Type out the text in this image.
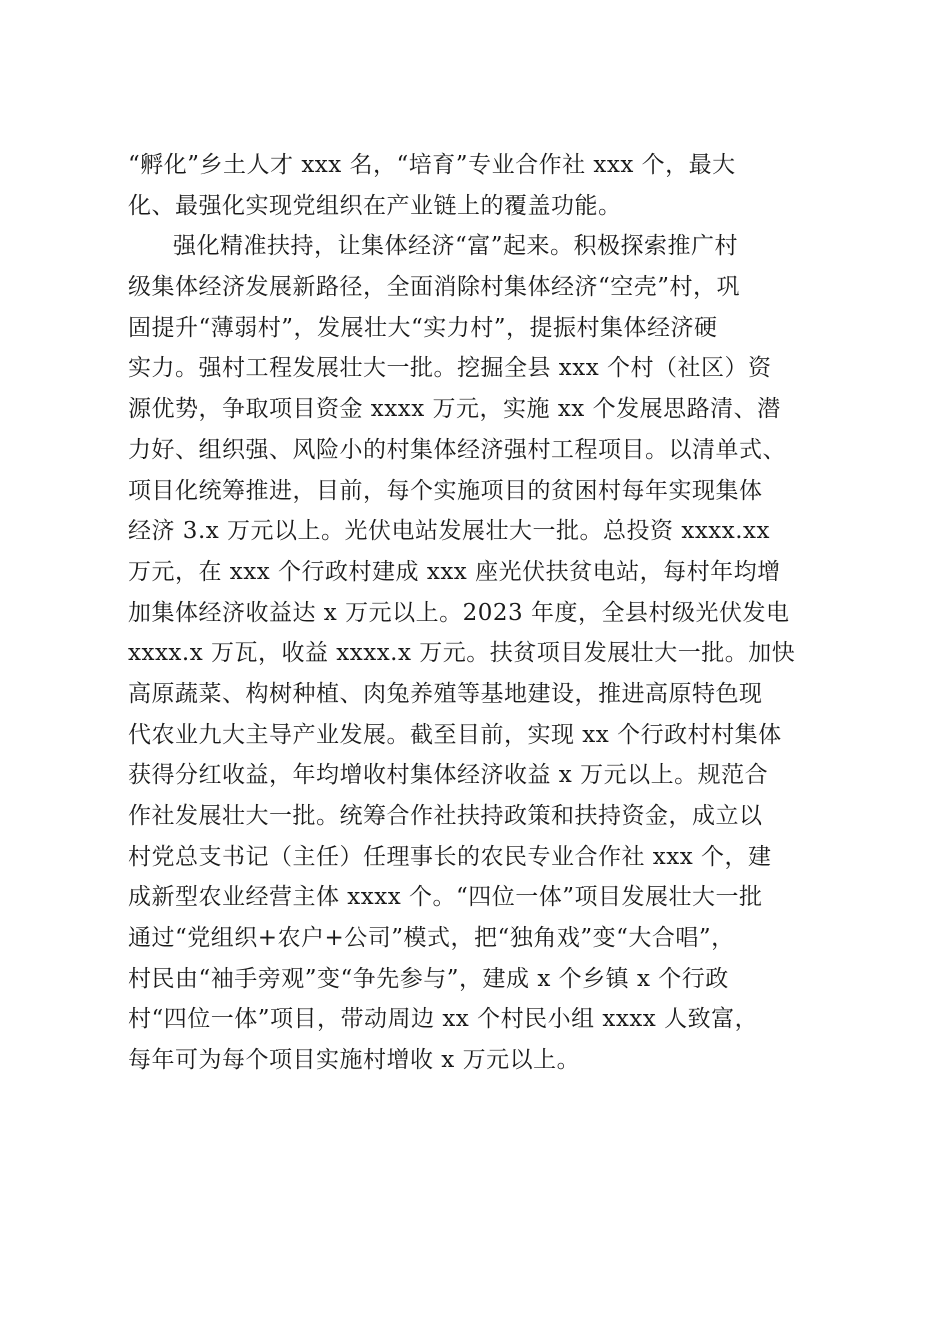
“孵化”乡土人才 xxx 名，“培育”专业合作社 xxx 个，最大
化、最强化实现党组织在产业链上的覆盖功能。
强化精准扶持，让集体经济“富”起来。积极探索推广村
级集体经济发展新路径，全面消除村集体经济“空壳”村，巩
固提升“薄弱村”，发展壮大“实力村”，提振村集体经济硬
实力。强村工程发展壮大一批。挖掘全县 xxx 个村（社区）资
源优势，争取项目资金 xxxx 万元，实施 xx 个发展思路清、潜
力好、组织强、风险小的村集体经济强村工程项目。以清单式、
项目化统筹推进，目前，每个实施项目的贫困村每年实现集体
经济 3.x 万元以上。光伏电站发展壮大一批。总投资 xxxx.xx
万元，在 xxx 个行政村建成 xxx 座光伏扶贫电站，每村年均增
加集体经济收益达 x 万元以上。2023 年度，全县村级光伏发电
xxxx.x 万瓦，收益 xxxx.x 万元。扶贫项目发展壮大一批。加快
高原蔬菜、构树种植、肉兔养殖等基地建设，推进高原特色现
代农业九大主导产业发展。截至目前，实现 xx 个行政村村集体
获得分红收益，年均增收村集体经济收益 x 万元以上。规范合
作社发展壮大一批。统筹合作社扶持政策和扶持资金，成立以
村党总支书记（主任）任理事长的农民专业合作社 xxx 个，建
成新型农业经营主体 xxxx 个。“四位一体”项目发展壮大一批
通过“党组织+农户+公司”模式，把“独角戏”变“大合唱”，
村民由“袖手旁观”变“争先参与”，建成 x 个乡镇 x 个行政
村“四位一体”项目，带动周边 xx 个村民小组 xxxx 人致富，
每年可为每个项目实施村增收 x 万元以上。
